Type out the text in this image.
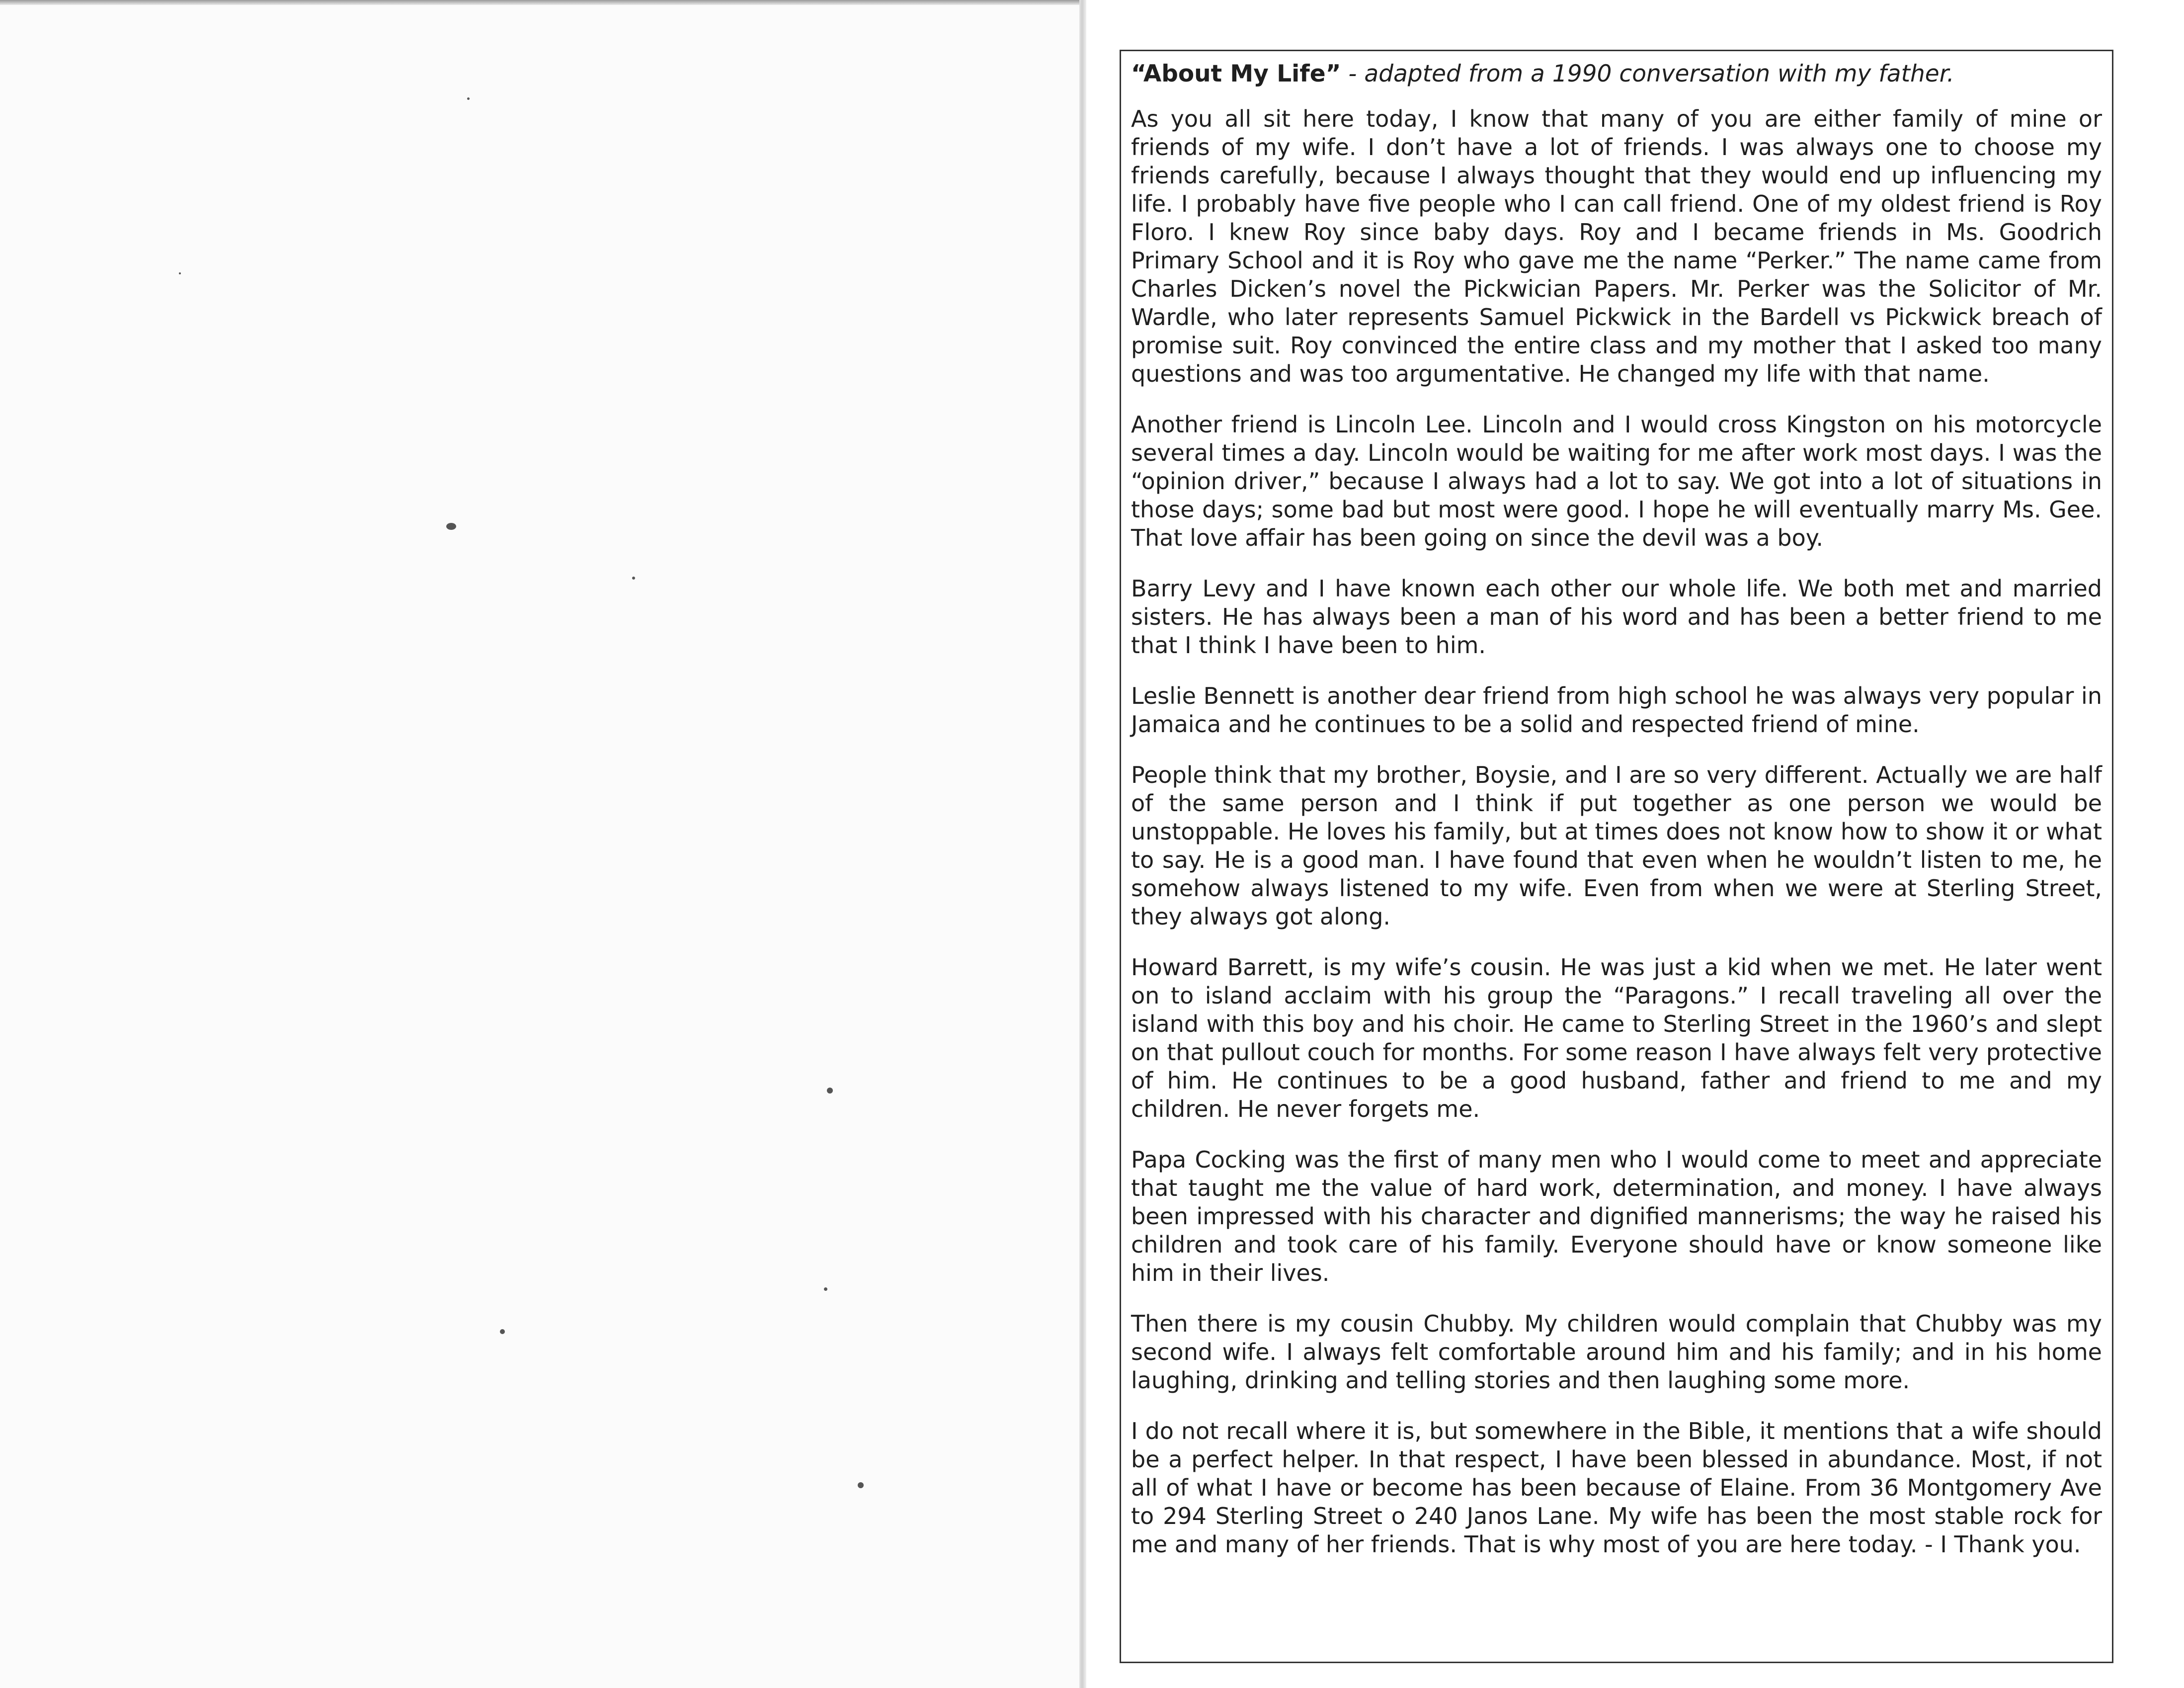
“About My Life” - adapted from a 1990 conversation with my father.

As you all sit here today, I know that many of you are either family of mine or friends of my wife. I don’t have a lot of friends. I was always one to choose my friends carefully, because I always thought that they would end up influencing my life. I probably have five people who I can call friend. One of my oldest friend is Roy Floro. I knew Roy since baby days. Roy and I became friends in Ms. Goodrich Primary School and it is Roy who gave me the name “Perker.” The name came from Charles Dicken’s novel the Pickwician Papers. Mr. Perker was the Solicitor of Mr. Wardle, who later represents Samuel Pickwick in the Bardell vs Pickwick breach of promise suit. Roy convinced the entire class and my mother that I asked too many questions and was too argumentative. He changed my life with that name.

Another friend is Lincoln Lee. Lincoln and I would cross Kingston on his motorcycle several times a day. Lincoln would be waiting for me after work most days. I was the “opinion driver,” because I always had a lot to say. We got into a lot of situations in those days; some bad but most were good. I hope he will eventually marry Ms. Gee. That love affair has been going on since the devil was a boy.

Barry Levy and I have known each other our whole life. We both met and married sisters. He has always been a man of his word and has been a better friend to me that I think I have been to him.

Leslie Bennett is another dear friend from high school he was always very popular in Jamaica and he continues to be a solid and respected friend of mine.

People think that my brother, Boysie, and I are so very different. Actually we are half of the same person and I think if put together as one person we would be unstoppable. He loves his family, but at times does not know how to show it or what to say. He is a good man. I have found that even when he wouldn’t listen to me, he somehow always listened to my wife. Even from when we were at Sterling Street, they always got along.

Howard Barrett, is my wife’s cousin. He was just a kid when we met. He later went on to island acclaim with his group the “Paragons.” I recall traveling all over the island with this boy and his choir. He came to Sterling Street in the 1960’s and slept on that pullout couch for months. For some reason I have always felt very protective of him. He continues to be a good husband, father and friend to me and my children. He never forgets me.

Papa Cocking was the first of many men who I would come to meet and appreciate that taught me the value of hard work, determination, and money. I have always been impressed with his character and dignified mannerisms; the way he raised his children and took care of his family. Everyone should have or know someone like him in their lives.

Then there is my cousin Chubby. My children would complain that Chubby was my second wife. I always felt comfortable around him and his family; and in his home laughing, drinking and telling stories and then laughing some more.

I do not recall where it is, but somewhere in the Bible, it mentions that a wife should be a perfect helper. In that respect, I have been blessed in abundance. Most, if not all of what I have or become has been because of Elaine. From 36 Montgomery Ave to 294 Sterling Street o 240 Janos Lane. My wife has been the most stable rock for me and many of her friends. That is why most of you are here today. - I Thank you.
